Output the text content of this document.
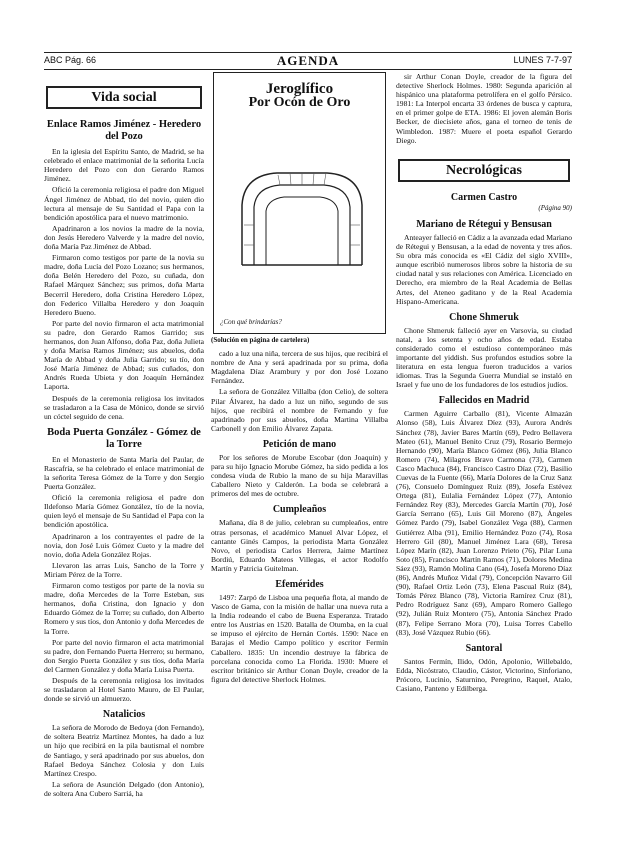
ABC Pág. 66	AGENDA	LUNES 7-7-97
Vida social
Enlace Ramos Jiménez - Heredero del Pozo

En la iglesia del Espíritu Santo, de Madrid, se ha celebrado el enlace matrimonial de la señorita Lucía Heredero del Pozo con don Gerardo Ramos Jiménez.

Ofició la ceremonia religiosa el padre don Miguel Ángel Jiménez de Abbad, tío del novio, quien dio lectura al mensaje de Su Santidad el Papa con la bendición apostólica para el nuevo matrimonio.

Apadrinaron a los novios la madre de la novia, don Jesús Heredero Valverde y la madre del novio, doña María Paz Jiménez de Abbad.

Firmaron como testigos por parte de la novia su madre, doña Lucía del Pozo Lozano; sus hermanos, doña Belén Heredero del Pozo, su cuñada, don Rafael Márquez Sánchez; sus primos, doña Marta Becerril Heredero, doña Cristina Heredero López, don Federico Villalba Heredero y don Joaquín Heredero Bueno.

Por parte del novio firmaron el acta matrimonial su padre, don Gerardo Ramos Garrido; sus hermanos, don Juan Alfonso, doña Paz, doña Julieta y doña Marisa Ramos Jiménez; sus abuelos, doña María de Abbad y doña Julia Garrido; su tío, don José María Jiménez de Abbad; sus cuñados, don Andrés Rueda Ubieta y don Joaquín Hernández Laporta.

Después de la ceremonia religiosa los invitados se trasladaron a la Casa de Mónico, donde se sirvió un cóctel seguido de cena.

Boda Puerta González - Gómez de la Torre

En el Monasterio de Santa María del Paular, de Rascafría, se ha celebrado el enlace matrimonial de la señorita Teresa Gómez de la Torre y don Sergio Puerta González.

Ofició la ceremonia religiosa el padre don Ildefonso María Gómez González, tío de la novia, quien leyó el mensaje de Su Santidad el Papa con la bendición apostólica.

Apadrinaron a los contrayentes el padre de la novia, don José Luis Gómez Cueto y la madre del novio, doña Adela González Rojas.

Llevaron las arras Luis, Sancho de la Torre y Miriam Pérez de la Torre.

Firmaron como testigos por parte de la novia su madre, doña Mercedes de la Torre Esteban, sus hermanos, doña Cristina, don Ignacio y don Eduardo Gómez de la Torre; su cuñado, don Alberto Romero y sus tíos, don Antonio y doña Mercedes de la Torre.

Por parte del novio firmaron el acta matrimonial su padre, don Fernando Puerta Herrero; su hermano, don Sergio Puerta González y sus tíos, doña María del Carmen González y doña María Luisa Puerta.

Después de la ceremonia religiosa los invitados se trasladaron al Hotel Santo Mauro, de El Paular, donde se sirvió un almuerzo.

Natalicios

La señora de Morodo de Bedoya (don Fernando), de soltera Beatriz Martínez Montes, ha dado a luz un hijo que recibirá en la pila bautismal el nombre de Santiago, y será apadrinado por sus abuelos, don Rafael Bedoya Sánchez Colosia y don Luis Martínez Crespo.

La señora de Asunción Delgado (don Antonio), de soltera Ana Cubero Sarriá, ha

Jeroglífico
Por Ocón de Oro
¿Con qué brindarías?
(Solución en página de cartelera)

cado a luz una niña, tercera de sus hijos, que recibirá el nombre de Ana y será apadrinada por su prima, doña Magdalena Díaz Arambury y por don José Lozano Fernández.

La señora de González Villalba (don Celio), de soltera Pilar Álvarez, ha dado a luz un niño, segundo de sus hijos, que recibirá el nombre de Fernando y fue apadrinado por sus abuelos, doña Martina Villalba Carbonell y don Emilio Álvarez Zapata.

Petición de mano

Por los señores de Morube Escobar (don Joaquín) y para su hijo Ignacio Morube Gómez, ha sido pedida a los condesa viuda de Rubio la mano de su hija Maravillas Caballero Nieto y Calderón. La boda se celebrará a primeros del mes de octubre.

Cumpleaños

Mañana, día 8 de julio, celebran su cumpleaños, entre otras personas, el académico Manuel Alvar López, el cantante Ginés Campos, la periodista Marta González Novo, el periodista Carlos Herrera, Jaime Martínez Bordiú, Eduardo Mateos Villegas, el actor Rodolfo Martín y Patricia Guitelman.

Efemérides

1497: Zarpó de Lisboa una pequeña flota, al mando de Vasco de Gama, con la misión de hallar una nueva ruta a la India rodeando el cabo de Buena Esperanza. Tratado entre los Austrias en 1520. Batalla de Otumba, en la cual se impuso el ejército de Hernán Cortés. 1590: Nace en Barajas el Medio Campo político y escritor Fermín Caballero. 1835: Un incendio destruye la fábrica de porcelana conocida como La Florida. 1930: Muere el escritor británico sir Arthur Conan Doyle, creador de la figura del detective Sherlock Holmes.

sir Arthur Conan Doyle, creador de la figura del detective Sherlock Holmes. 1980: Segunda aparición al hispánico una plataforma petrolífera en el golfo Pérsico. 1981: La Interpol encarta 33 órdenes de busca y captura, en el primer golpe de ETA. 1986: El joven alemán Boris Becker, de diecisiete años, gana el torneo de tenis de Wimbledon. 1987: Muere el poeta español Gerardo Diego.

Necrológicas
Carmen Castro
(Página 90)
Mariano de Rétegui y Bensusan

Anteayer falleció en Cádiz a la avanzada edad Mariano de Rétegui y Bensusan, a la edad de noventa y tres años. Su obra más conocida es «El Cádiz del siglo XVIII», aunque escribió numerosos libros sobre la historia de su ciudad natal y sus relaciones con América. Licenciado en Derecho, era miembro de la Real Academia de Bellas Artes, del Ateneo gaditano y de la Real Academia Hispano-Americana.

Chone Shmeruk

Chone Shmeruk falleció ayer en Varsovia, su ciudad natal, a los setenta y ocho años de edad. Estaba considerado como el estudioso contemporáneo más importante del yiddish. Sus profundos estudios sobre la literatura en esta lengua fueron traducidos a varios idiomas. Tras la Segunda Guerra Mundial se instaló en Israel y fue uno de los fundadores de los estudios judíos.

Fallecidos en Madrid

Carmen Aguirre Carballo (81), Vicente Almazán Alonso (58), Luis Álvarez Díez (93), Aurora Andrés Sánchez (78), Javier Bares Martín (69), Pedro Bellavera Mateo (61), Manuel Benito Cruz (79), Rosario Bermejo Hernando (90), María Blanco Gómez (86), Julia Blanco Romero (74), Milagros Bravo Carmona (73), Carmen Casco Machuca (84), Francisco Castro Díaz (72), Basilio Cuevas de la Fuente (66), María Dolores de la Cruz Sanz (76), Consuelo Domínguez Ruiz (89), Josefa Estévez Ortega (81), Eulalia Fernández López (77), Antonio Fernández Rey (83), Mercedes García Martín (70), José García Serrano (65), Luis Gil Moreno (87), Ángeles Gómez Pardo (79), Isabel González Vega (88), Carmen Gutiérrez Alba (91), Emilio Hernández Pozo (74), Rosa Herrero Gil (80), Manuel Jiménez Lara (68), Teresa López Marín (82), Juan Lorenzo Prieto (76), Pilar Luna Soto (85), Francisco Martín Ramos (71), Dolores Medina Sáez (93), Ramón Molina Cano (64), Josefa Moreno Díaz (86), Andrés Muñoz Vidal (79), Concepción Navarro Gil (90), Rafael Ortiz León (73), Elena Pascual Ruiz (84), Tomás Pérez Blanco (78), Victoria Ramírez Cruz (81), Pedro Rodríguez Sanz (69), Amparo Romero Gallego (92), Julián Ruiz Montero (75), Antonia Sánchez Prado (87), Felipe Serrano Mora (70), Luisa Torres Cabello (83), José Vázquez Rubio (66).

Santoral

Santos Fermín, Ilido, Odón, Apolonio, Willebaldo, Edda, Nicóstrato, Claudio, Cástor, Victorino, Sinforiano, Prócoro, Lucinio, Saturnino, Peregrino, Raquel, Atalo, Casiano, Panteno y Edilberga.
